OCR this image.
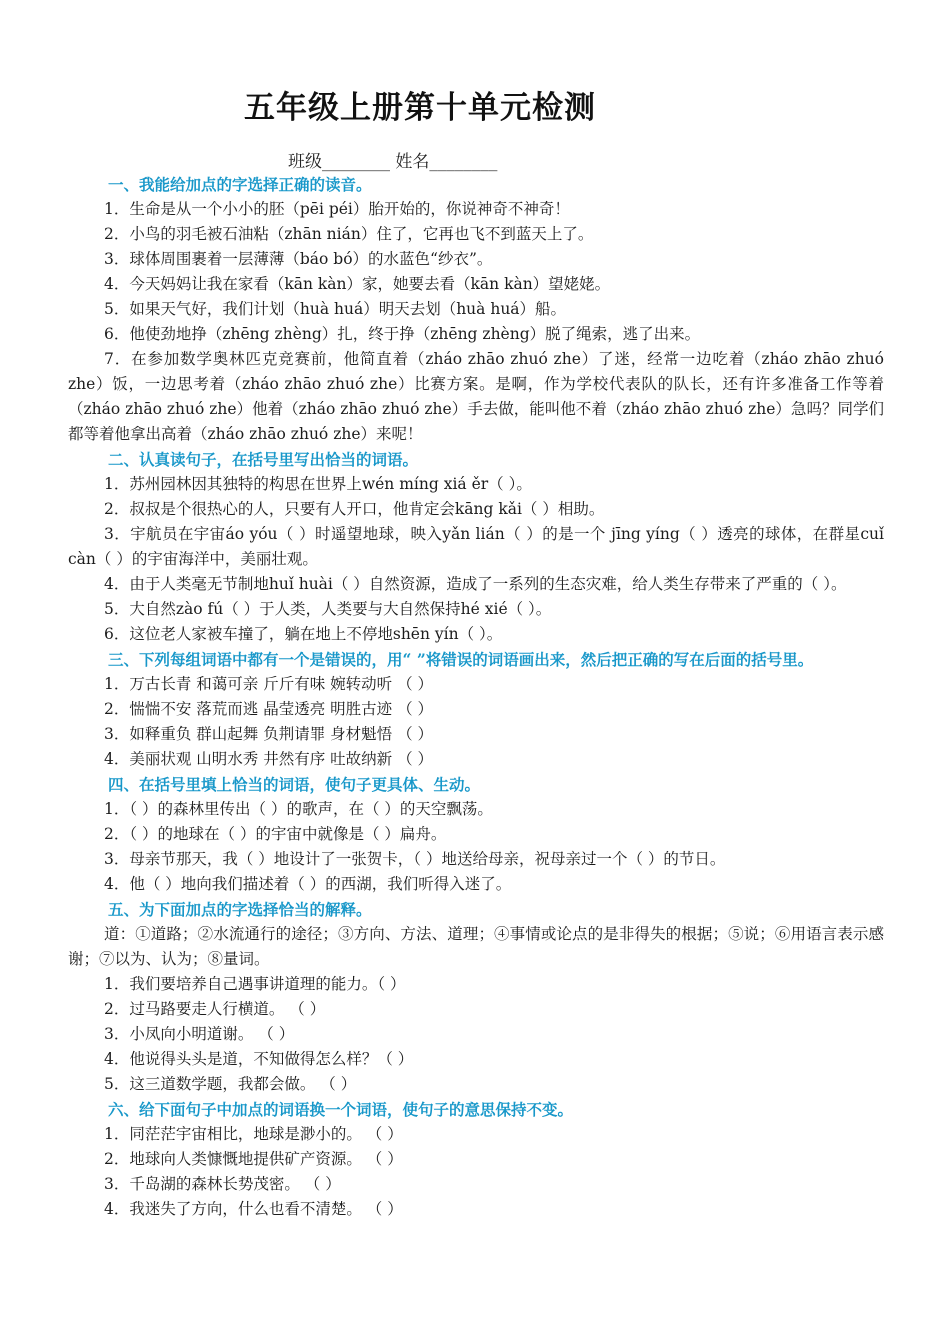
五年级上册第十单元检测
班级________ 姓名________
一、我能给加点的字选择正确的读音。
1．生命是从一个小小的胚（pēi péi）胎开始的，你说神奇不神奇！
2．小鸟的羽毛被石油粘（zhān nián）住了，它再也飞不到蓝天上了。
3．球体周围裹着一层薄薄（báo bó）的水蓝色“纱衣”。
4．今天妈妈让我在家看（kān kàn）家，她要去看（kān kàn）望姥姥。
5．如果天气好，我们计划（huà huá）明天去划（huà huá）船。
6．他使劲地挣（zhēng zhèng）扎，终于挣（zhēng zhèng）脱了绳索，逃了出来。
7．在参加数学奥林匹克竞赛前，他简直着（zháo zhāo zhuó zhe）了迷，经常一边吃着（zháo zhāo zhuó zhe）饭，一边思考着（zháo zhāo zhuó zhe）比赛方案。是啊，作为学校代表队的队长，还有许多准备工作等着（zháo zhāo zhuó zhe）他着（zháo zhāo zhuó zhe）手去做，能叫他不着（zháo zhāo zhuó zhe）急吗？同学们都等着他拿出高着（zháo zhāo zhuó zhe）来呢！
二、认真读句子，在括号里写出恰当的词语。
1．苏州园林因其独特的构思在世界上wén míng xiá ěr（ ）。
2．叔叔是个很热心的人，只要有人开口，他肯定会kāng kǎi（ ）相助。
3．宇航员在宇宙áo yóu（ ）时遥望地球，映入yǎn lián（ ）的是一个 jīng yíng（ ）透亮的球体，在群星cuǐ càn（ ）的宇宙海洋中，美丽壮观。
4．由于人类毫无节制地huǐ huài（ ）自然资源，造成了一系列的生态灾难，给人类生存带来了严重的（ ）。
5．大自然zào fú（ ）于人类，人类要与大自然保持hé xié（ ）。
6．这位老人家被车撞了，躺在地上不停地shēn yín（ ）。
三、下列每组词语中都有一个是错误的，用“ ”将错误的词语画出来，然后把正确的写在后面的括号里。
1．万古长青 和蔼可亲 斤斤有味 婉转动听 （ ）
2．惴惴不安 落荒而逃 晶莹透亮 明胜古迹 （ ）
3．如释重负 群山起舞 负荆请罪 身材魁悟 （ ）
4．美丽状观 山明水秀 井然有序 吐故纳新 （ ）
四、在括号里填上恰当的词语，使句子更具体、生动。
1．（ ）的森林里传出（ ）的歌声，在（ ）的天空飘荡。
2．（ ）的地球在（ ）的宇宙中就像是（ ）扁舟。
3．母亲节那天，我（ ）地设计了一张贺卡，（ ）地送给母亲，祝母亲过一个（ ）的节日。
4．他（ ）地向我们描述着（ ）的西湖，我们听得入迷了。
五、为下面加点的字选择恰当的解释。
道：①道路；②水流通行的途径；③方向、方法、道理；④事情或论点的是非得失的根据；⑤说；⑥用语言表示感谢；⑦以为、认为；⑧量词。
1．我们要培养自己遇事讲道理的能力。（ ）
2．过马路要走人行横道。 （ ）
3．小凤向小明道谢。 （ ）
4．他说得头头是道，不知做得怎么样？（ ）
5．这三道数学题，我都会做。 （ ）
六、给下面句子中加点的词语换一个词语，使句子的意思保持不变。
1．同茫茫宇宙相比，地球是渺小的。 （ ）
2．地球向人类慷慨地提供矿产资源。 （ ）
3．千岛湖的森林长势茂密。 （ ）
4．我迷失了方向，什么也看不清楚。 （ ）
